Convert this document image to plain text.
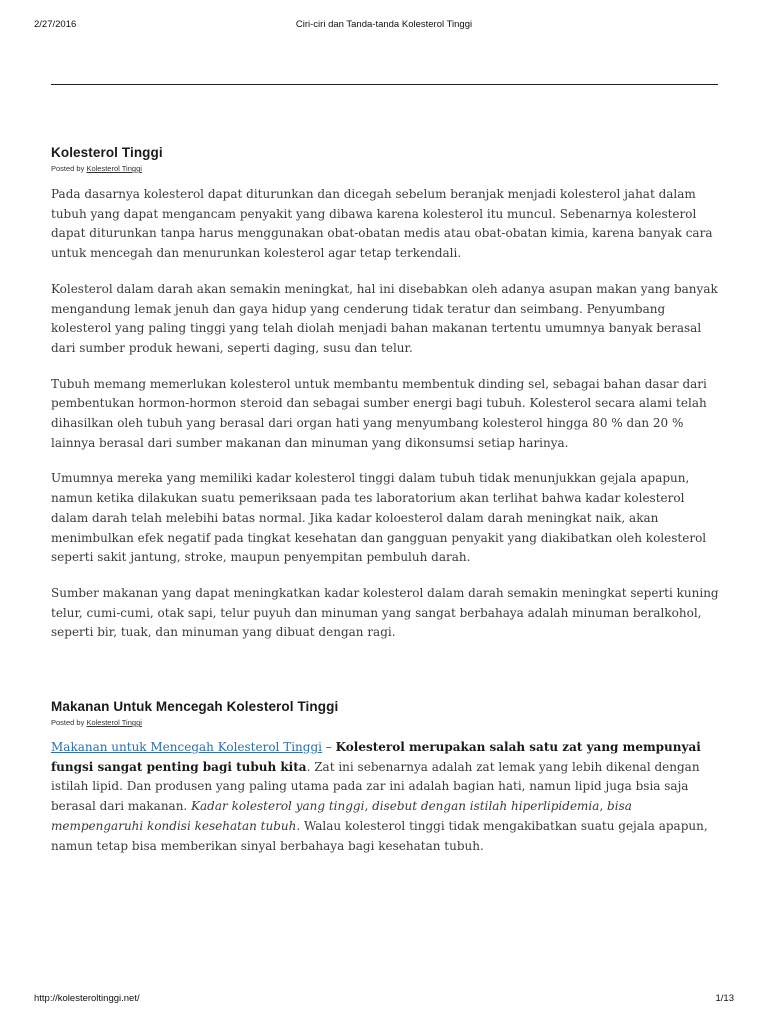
2/27/2016	Ciri-ciri dan Tanda-tanda Kolesterol Tinggi
Kolesterol Tinggi
Posted by Kolesterol Tinggi

Pada dasarnya kolesterol dapat diturunkan dan dicegah sebelum beranjak menjadi kolesterol jahat dalam tubuh yang dapat mengancam penyakit yang dibawa karena kolesterol itu muncul. Sebenarnya kolesterol dapat diturunkan tanpa harus menggunakan obat-obatan medis atau obat-obatan kimia, karena banyak cara untuk mencegah dan menurunkan kolesterol agar tetap terkendali.

Kolesterol dalam darah akan semakin meningkat, hal ini disebabkan oleh adanya asupan makan yang banyak mengandung lemak jenuh dan gaya hidup yang cenderung tidak teratur dan seimbang. Penyumbang kolesterol yang paling tinggi yang telah diolah menjadi bahan makanan tertentu umumnya banyak berasal dari sumber produk hewani, seperti daging, susu dan telur.

Tubuh memang memerlukan kolesterol untuk membantu membentuk dinding sel, sebagai bahan dasar dari pembentukan hormon-hormon steroid dan sebagai sumber energi bagi tubuh. Kolesterol secara alami telah dihasilkan oleh tubuh yang berasal dari organ hati yang menyumbang kolesterol hingga 80 % dan 20 % lainnya berasal dari sumber makanan dan minuman yang dikonsumsi setiap harinya.

Umumnya mereka yang memiliki kadar kolesterol tinggi dalam tubuh tidak menunjukkan gejala apapun, namun ketika dilakukan suatu pemeriksaan pada tes laboratorium akan terlihat bahwa kadar kolesterol dalam darah telah melebihi batas normal. Jika kadar koloesterol dalam darah meningkat naik, akan menimbulkan efek negatif pada tingkat kesehatan dan gangguan penyakit yang diakibatkan oleh kolesterol seperti sakit jantung, stroke, maupun penyempitan pembuluh darah.

Sumber makanan yang dapat meningkatkan kadar kolesterol dalam darah semakin meningkat seperti kuning telur, cumi-cumi, otak sapi, telur puyuh dan minuman yang sangat berbahaya adalah minuman beralkohol, seperti bir, tuak, dan minuman yang dibuat dengan ragi.

Makanan Untuk Mencegah Kolesterol Tinggi
Posted by Kolesterol Tinggi

Makanan untuk Mencegah Kolesterol Tinggi – Kolesterol merupakan salah satu zat yang mempunyai fungsi sangat penting bagi tubuh kita. Zat ini sebenarnya adalah zat lemak yang lebih dikenal dengan istilah lipid. Dan produsen yang paling utama pada zar ini adalah bagian hati, namun lipid juga bsia saja berasal dari makanan. Kadar kolesterol yang tinggi, disebut dengan istilah hiperlipidemia, bisa mempengaruhi kondisi kesehatan tubuh. Walau kolesterol tinggi tidak mengakibatkan suatu gejala apapun, namun tetap bisa memberikan sinyal berbahaya bagi kesehatan tubuh.

http://kolesteroltinggi.net/	1/13
